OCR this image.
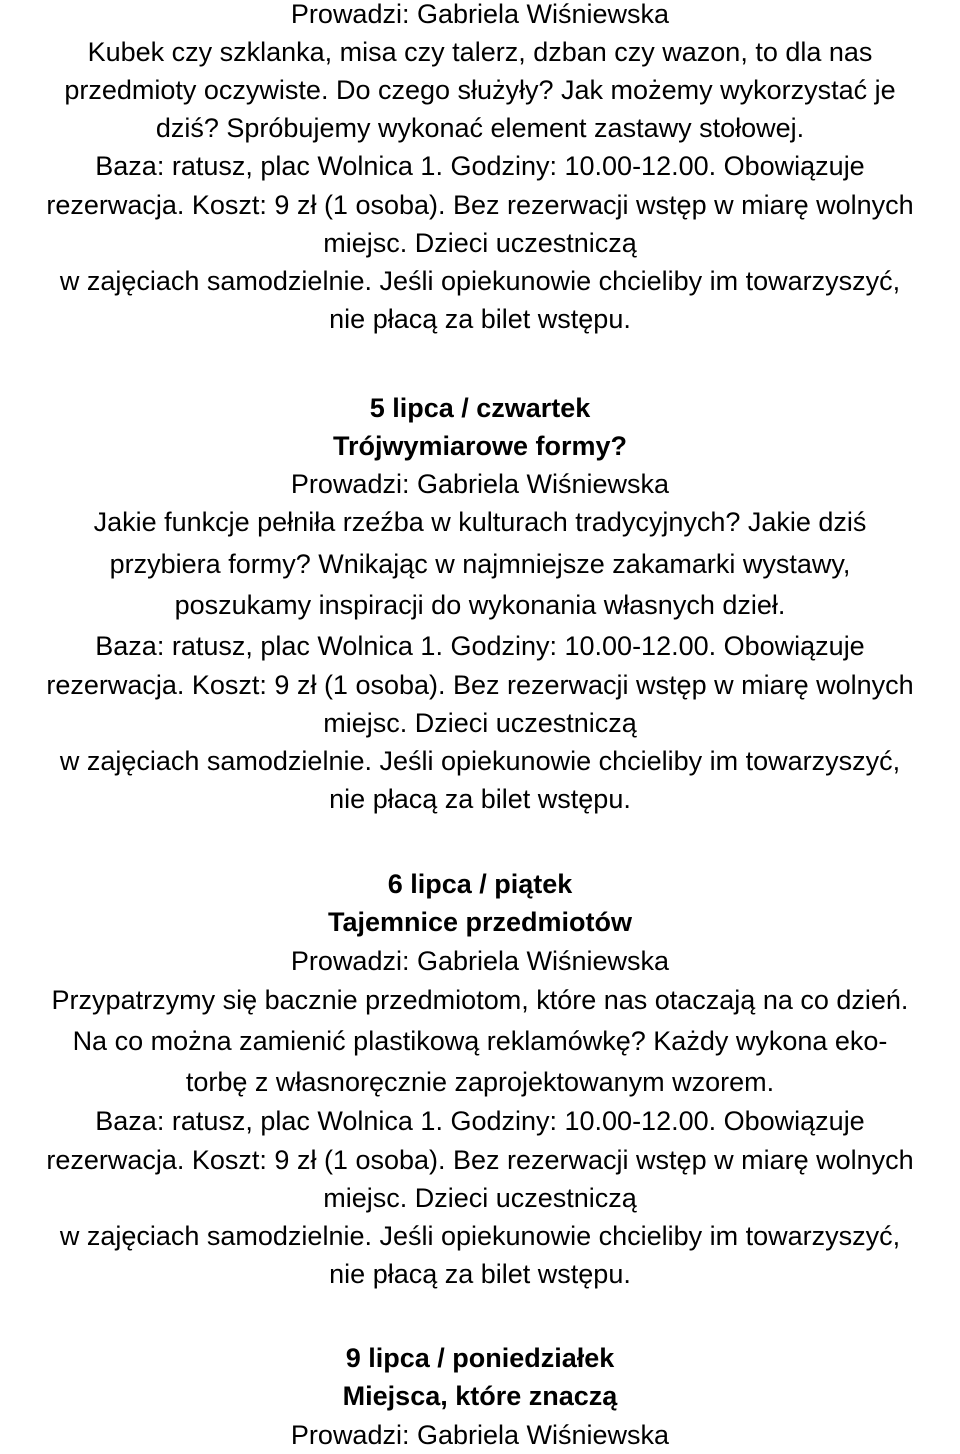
Prowadzi: Gabriela Wiśniewska
Kubek czy szklanka, misa czy talerz, dzban czy wazon, to dla nas
przedmioty oczywiste. Do czego służyły? Jak możemy wykorzystać je
dziś? Spróbujemy wykonać element zastawy stołowej.
Baza: ratusz, plac Wolnica 1. Godziny: 10.00-12.00. Obowiązuje
rezerwacja. Koszt: 9 zł (1 osoba). Bez rezerwacji wstęp w miarę wolnych
miejsc. Dzieci uczestniczą
w zajęciach samodzielnie. Jeśli opiekunowie chcieliby im towarzyszyć,
nie płacą za bilet wstępu.
5 lipca / czwartek
Trójwymiarowe formy?
Prowadzi: Gabriela Wiśniewska
Jakie funkcje pełniła rzeźba w kulturach tradycyjnych? Jakie dziś
przybiera formy? Wnikając w najmniejsze zakamarki wystawy,
poszukamy inspiracji do wykonania własnych dzieł.
Baza: ratusz, plac Wolnica 1. Godziny: 10.00-12.00. Obowiązuje
rezerwacja. Koszt: 9 zł (1 osoba). Bez rezerwacji wstęp w miarę wolnych
miejsc. Dzieci uczestniczą
w zajęciach samodzielnie. Jeśli opiekunowie chcieliby im towarzyszyć,
nie płacą za bilet wstępu.
6 lipca / piątek
Tajemnice przedmiotów
Prowadzi: Gabriela Wiśniewska
Przypatrzymy się bacznie przedmiotom, które nas otaczają na co dzień.
Na co można zamienić plastikową reklamówkę? Każdy wykona eko-
torbę z własnoręcznie zaprojektowanym wzorem.
Baza: ratusz, plac Wolnica 1. Godziny: 10.00-12.00. Obowiązuje
rezerwacja. Koszt: 9 zł (1 osoba). Bez rezerwacji wstęp w miarę wolnych
miejsc. Dzieci uczestniczą
w zajęciach samodzielnie. Jeśli opiekunowie chcieliby im towarzyszyć,
nie płacą za bilet wstępu.
9 lipca / poniedziałek
Miejsca, które znaczą
Prowadzi: Gabriela Wiśniewska
